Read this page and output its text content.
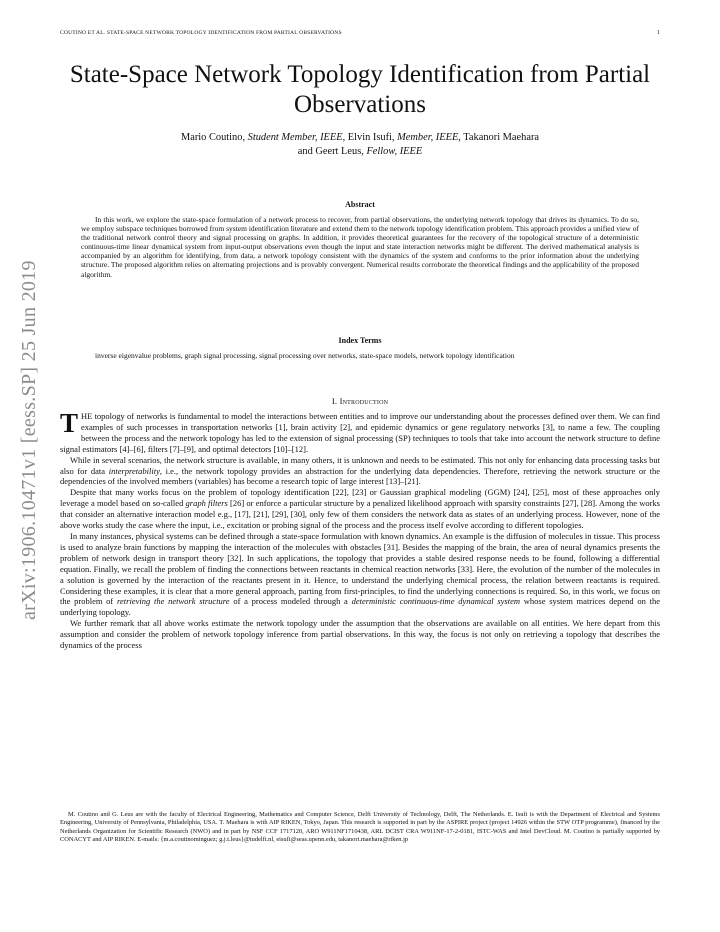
COUTINO ET AL. STATE-SPACE NETWORK TOPOLOGY IDENTIFICATION FROM PARTIAL OBSERVATIONS	1
arXiv:1906.10471v1 [eess.SP] 25 Jun 2019
State-Space Network Topology Identification from Partial Observations
Mario Coutino, Student Member, IEEE, Elvin Isufi, Member, IEEE, Takanori Maehara
and Geert Leus, Fellow, IEEE
Abstract
In this work, we explore the state-space formulation of a network process to recover, from partial observations, the underlying network topology that drives its dynamics. To do so, we employ subspace techniques borrowed from system identification literature and extend them to the network topology identification problem. This approach provides a unified view of the traditional network control theory and signal processing on graphs. In addition, it provides theoretical guarantees for the recovery of the topological structure of a deterministic continuous-time linear dynamical system from input-output observations even though the input and state interaction networks might be different. The derived mathematical analysis is accompanied by an algorithm for identifying, from data, a network topology consistent with the dynamics of the system and conforms to the prior information about the underlying structure. The proposed algorithm relies on alternating projections and is provably convergent. Numerical results corroborate the theoretical findings and the applicability of the proposed algorithm.
Index Terms
inverse eigenvalue problems, graph signal processing, signal processing over networks, state-space models, network topology identification
I. Introduction

THE topology of networks is fundamental to model the interactions between entities and to improve our understanding about the processes defined over them. We can find examples of such processes in transportation networks [1], brain activity [2], and epidemic dynamics or gene regulatory networks [3], to name a few. The coupling between the process and the network topology has led to the extension of signal processing (SP) techniques to tools that take into account the network structure to define signal estimators [4]–[6], filters [7]–[9], and optimal detectors [10]–[12].

While in several scenarios, the network structure is available, in many others, it is unknown and needs to be estimated. This not only for enhancing data processing tasks but also for data interpretability, i.e., the network topology provides an abstraction for the underlying data dependencies. Therefore, retrieving the network structure or the dependencies of the involved members (variables) has become a research topic of large interest [13]–[21].

Despite that many works focus on the problem of topology identification [22], [23] or Gaussian graphical modeling (GGM) [24], [25], most of these approaches only leverage a model based on so-called graph filters [26] or enforce a particular structure by a penalized likelihood approach with sparsity constraints [27], [28]. Among the works that consider an alternative interaction model e.g., [17], [21], [29], [30], only few of them considers the network data as states of an underlying process. However, none of the above works study the case where the input, i.e., excitation or probing signal of the process and the process itself evolve according to different topologies.

In many instances, physical systems can be defined through a state-space formulation with known dynamics. An example is the diffusion of molecules in tissue. This process is used to analyze brain functions by mapping the interaction of the molecules with obstacles [31]. Besides the mapping of the brain, the area of neural dynamics presents the problem of network design in transport theory [32]. In such applications, the topology that provides a stable desired response needs to be found, following a differential equation. Finally, we recall the problem of finding the connections between reactants in chemical reaction networks [33]. Here, the evolution of the number of the molecules in a solution is governed by the interaction of the reactants present in it. Hence, to understand the underlying chemical process, the relation between reactants is required. Considering these examples, it is clear that a more general approach, parting from first-principles, to find the underlying connections is required. So, in this work, we focus on the problem of retrieving the network structure of a process modeled through a deterministic continuous-time dynamical system whose system matrices depend on the underlying topology.

We further remark that all above works estimate the network topology under the assumption that the observations are available on all entities. We here depart from this assumption and consider the problem of network topology inference from partial observations. In this way, the focus is not only on retrieving a topology that describes the dynamics of the process

M. Coutino and G. Leus are with the faculty of Electrical Engineering, Mathematics and Computer Science, Delft University of Technology, Delft, The Netherlands. E. Isufi is with the Department of Electrical and Systems Engineering, University of Pennsylvania, Philadelphia, USA. T. Maehara is with AIP RIKEN, Tokyo, Japan. This research is supported in part by the ASPIRE project (project 14926 within the STW OTP programme), financed by the Netherlands Organization for Scientific Research (NWO) and in part by NSF CCF 1717120, ARO W911NF1710438, ARL DCIST CRA W911NF-17-2-0181, ISTC-WAS and Intel DevCloud. M. Coutino is partially supported by CONACYT and AIP RIKEN. E-mails: {m.a.coutinominguez; g.j.t.leus}@tudelft.nl, eisufi@seas.upenn.edu, takanori.maehara@riken.jp
